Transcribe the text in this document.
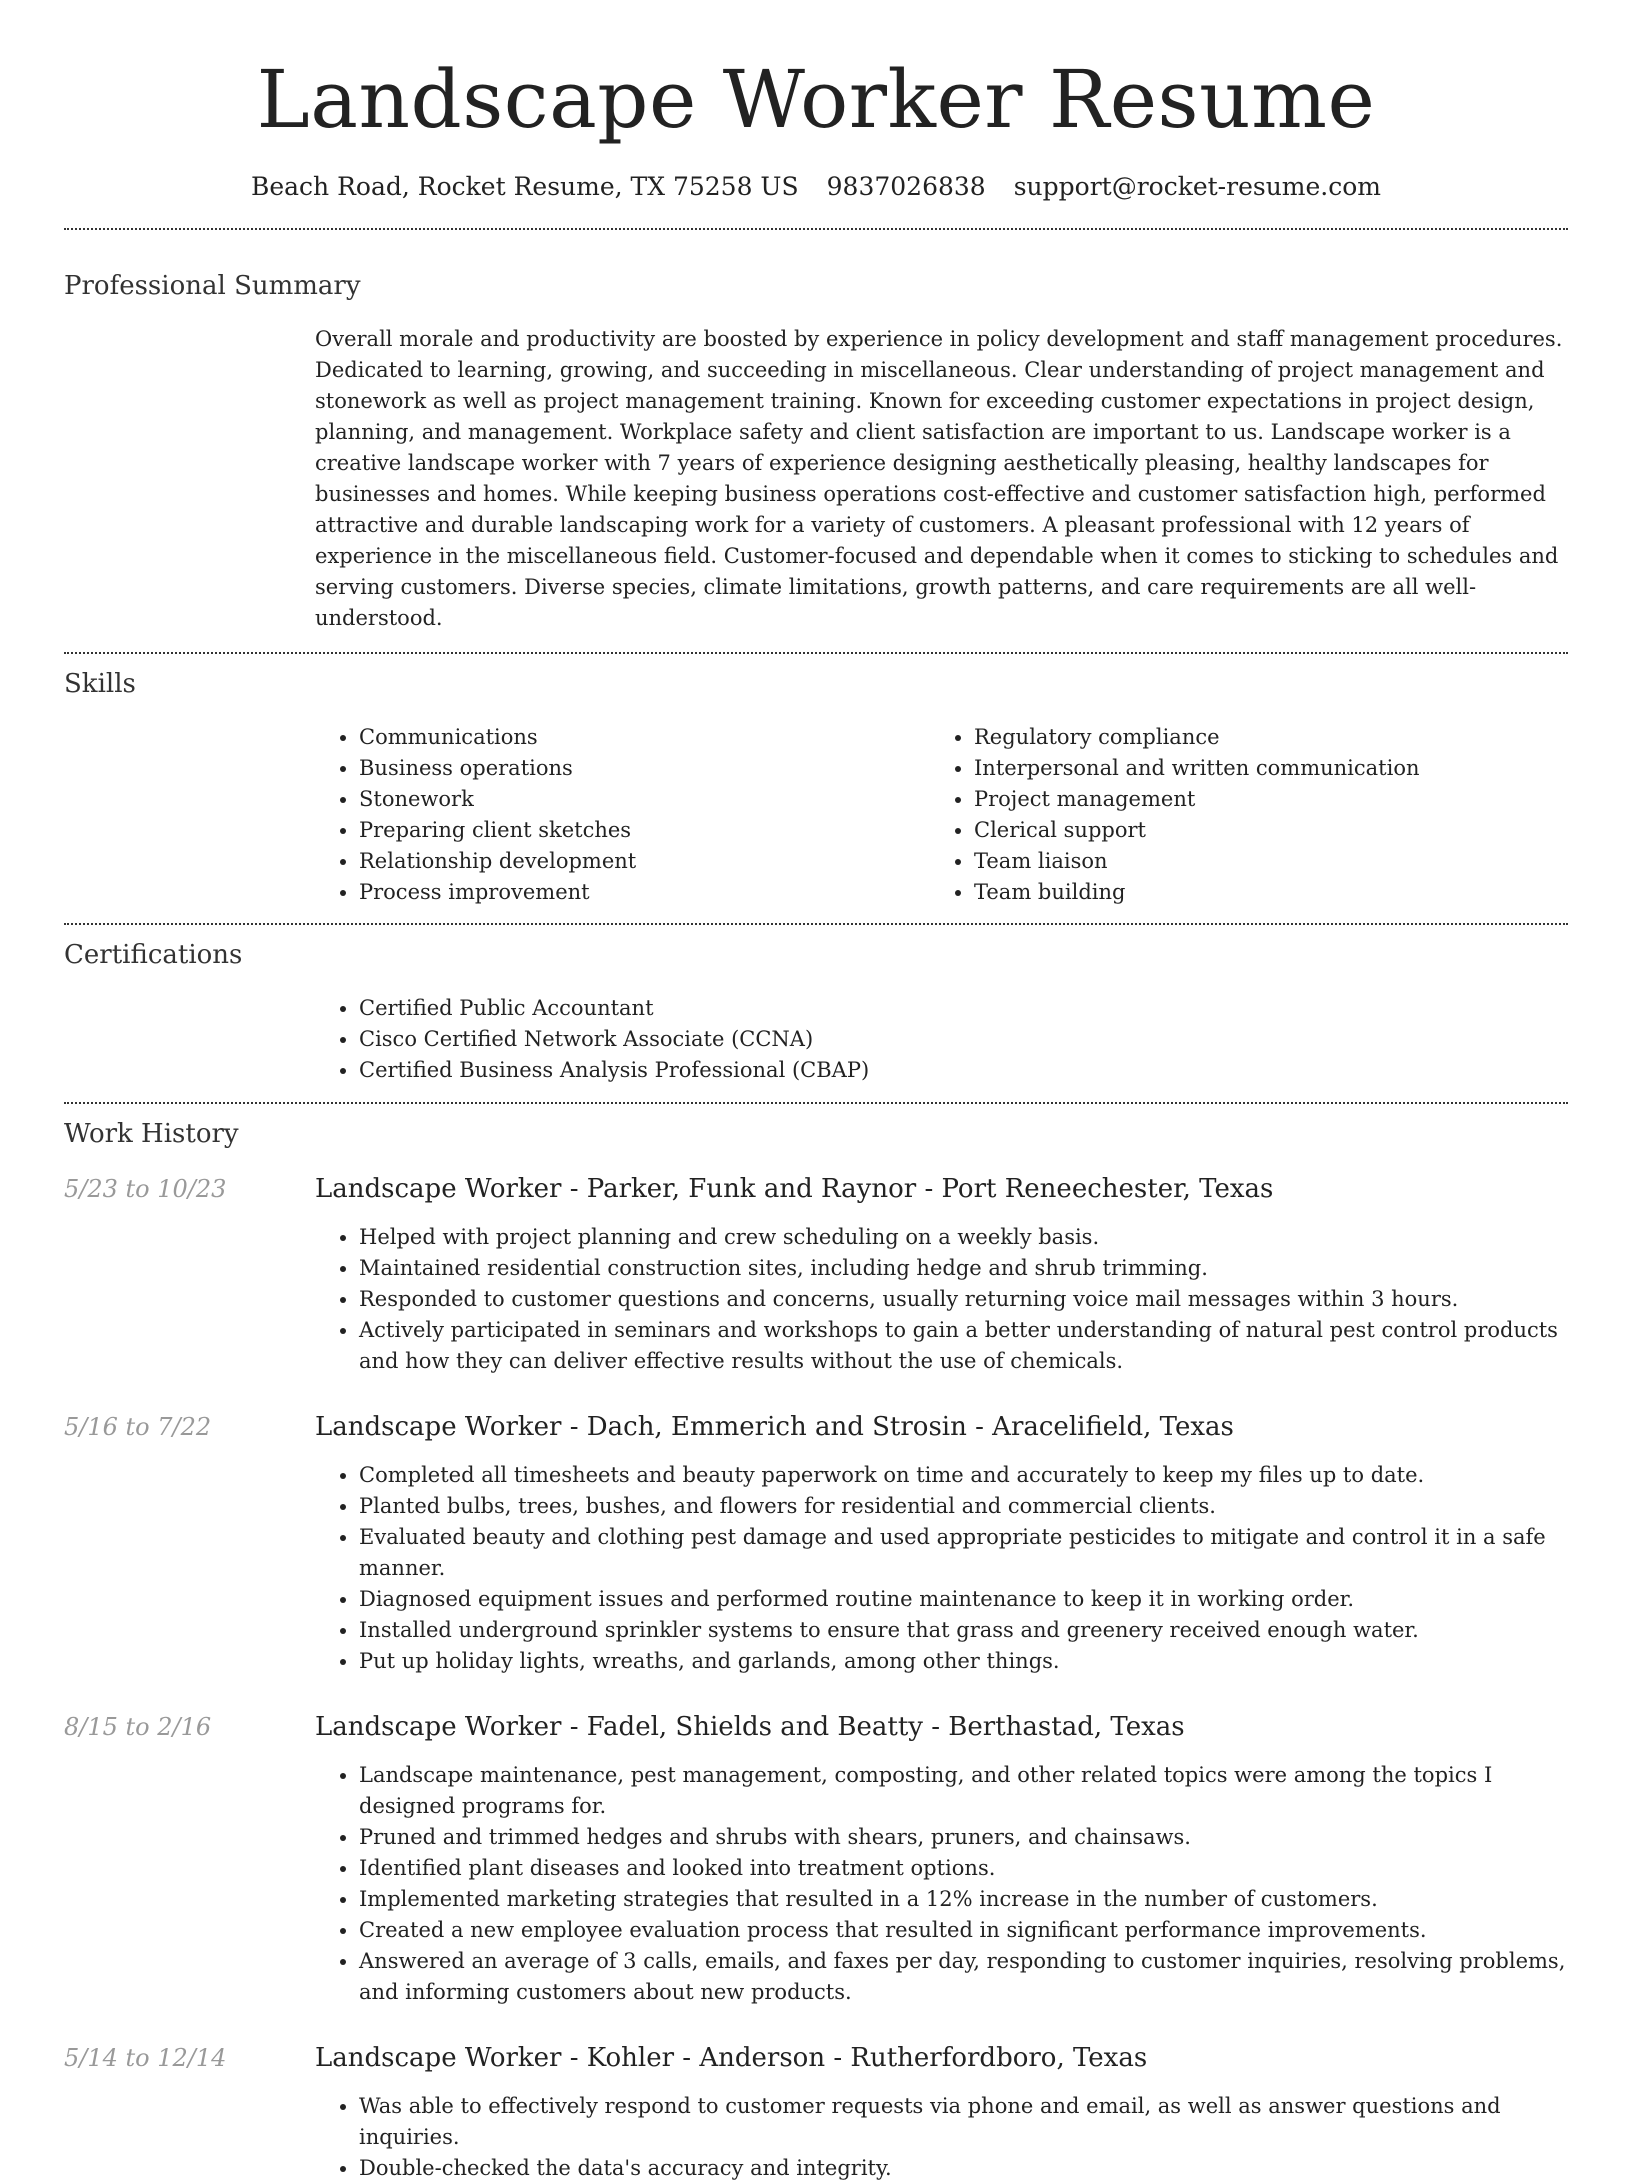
Landscape Worker Resume
Beach Road, Rocket Resume, TX 75258 US 9837026838 support@rocket-resume.com
Professional Summary

Overall morale and productivity are boosted by experience in policy development and staff management procedures. Dedicated to learning, growing, and succeeding in miscellaneous. Clear understanding of project management and stonework as well as project management training. Known for exceeding customer expectations in project design, planning, and management. Workplace safety and client satisfaction are important to us. Landscape worker is a creative landscape worker with 7 years of experience designing aesthetically pleasing, healthy landscapes for businesses and homes. While keeping business operations cost-effective and customer satisfaction high, performed attractive and durable landscaping work for a variety of customers. A pleasant professional with 12 years of experience in the miscellaneous field. Customer-focused and dependable when it comes to sticking to schedules and serving customers. Diverse species, climate limitations, growth patterns, and care requirements are all well-understood.

Skills
• Communications
• Business operations
• Stonework
• Preparing client sketches
• Relationship development
• Process improvement
• Regulatory compliance
• Interpersonal and written communication
• Project management
• Clerical support
• Team liaison
• Team building
Certifications
• Certified Public Accountant
• Cisco Certified Network Associate (CCNA)
• Certified Business Analysis Professional (CBAP)
Work History
5/23 to 10/23	Landscape Worker - Parker, Funk and Raynor - Port Reneechester, Texas
• Helped with project planning and crew scheduling on a weekly basis.
• Maintained residential construction sites, including hedge and shrub trimming.
• Responded to customer questions and concerns, usually returning voice mail messages within 3 hours.
• Actively participated in seminars and workshops to gain a better understanding of natural pest control products and how they can deliver effective results without the use of chemicals.
5/16 to 7/22	Landscape Worker - Dach, Emmerich and Strosin - Aracelifield, Texas
• Completed all timesheets and beauty paperwork on time and accurately to keep my files up to date.
• Planted bulbs, trees, bushes, and flowers for residential and commercial clients.
• Evaluated beauty and clothing pest damage and used appropriate pesticides to mitigate and control it in a safe manner.
• Diagnosed equipment issues and performed routine maintenance to keep it in working order.
• Installed underground sprinkler systems to ensure that grass and greenery received enough water.
• Put up holiday lights, wreaths, and garlands, among other things.
8/15 to 2/16	Landscape Worker - Fadel, Shields and Beatty - Berthastad, Texas
• Landscape maintenance, pest management, composting, and other related topics were among the topics I designed programs for.
• Pruned and trimmed hedges and shrubs with shears, pruners, and chainsaws.
• Identified plant diseases and looked into treatment options.
• Implemented marketing strategies that resulted in a 12% increase in the number of customers.
• Created a new employee evaluation process that resulted in significant performance improvements.
• Answered an average of 3 calls, emails, and faxes per day, responding to customer inquiries, resolving problems, and informing customers about new products.
5/14 to 12/14	Landscape Worker - Kohler - Anderson - Rutherfordboro, Texas
• Was able to effectively respond to customer requests via phone and email, as well as answer questions and inquiries.
• Double-checked the data's accuracy and integrity.
